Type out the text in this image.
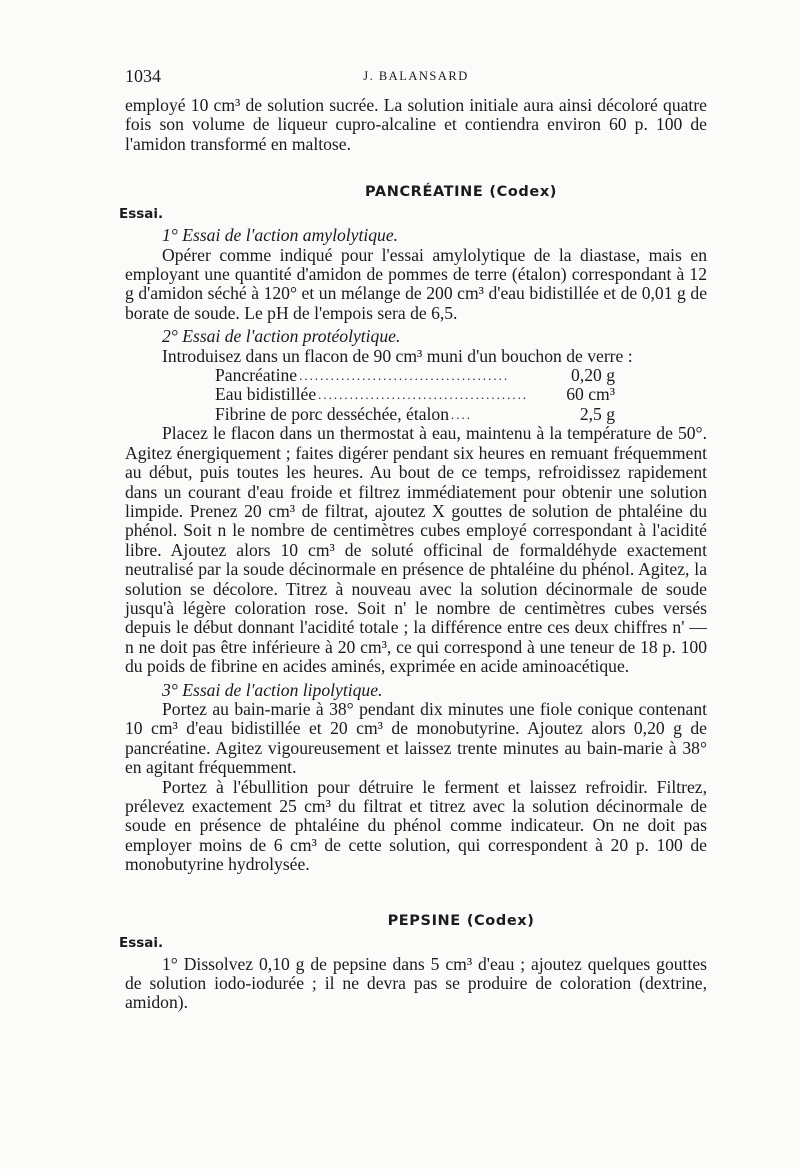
1034	J. BALANSARD

employé 10 cm³ de solution sucrée. La solution initiale aura ainsi décoloré quatre fois son volume de liqueur cupro-alcaline et contiendra environ 60 p. 100 de l'amidon transformé en maltose.

PANCRÉATINE (Codex)
Essai.

1° Essai de l'action amylolytique.

Opérer comme indiqué pour l'essai amylolytique de la diastase, mais en employant une quantité d'amidon de pommes de terre (étalon) correspondant à 12 g d'amidon séché à 120° et un mélange de 200 cm³ d'eau bidistillée et de 0,01 g de borate de soude. Le pH de l'empois sera de 6,5.

2° Essai de l'action protéolytique.

Introduisez dans un flacon de 90 cm³ muni d'un bouchon de verre :

Pancréatine ........................................	0,20 g
Eau bidistillée ........................................	60 cm³
Fibrine de porc desséchée, étalon ....	2,5 g

Placez le flacon dans un thermostat à eau, maintenu à la température de 50°. Agitez énergiquement ; faites digérer pendant six heures en remuant fréquemment au début, puis toutes les heures. Au bout de ce temps, refroidissez rapidement dans un courant d'eau froide et filtrez immédiatement pour obtenir une solution limpide. Prenez 20 cm³ de filtrat, ajoutez X gouttes de solution de phtaléine du phénol. Soit n le nombre de centimètres cubes employé correspondant à l'acidité libre. Ajoutez alors 10 cm³ de soluté officinal de formaldéhyde exactement neutralisé par la soude décinormale en présence de phtaléine du phénol. Agitez, la solution se décolore. Titrez à nouveau avec la solution décinormale de soude jusqu'à légère coloration rose. Soit n' le nombre de centimètres cubes versés depuis le début donnant l'acidité totale ; la différence entre ces deux chiffres n' — n ne doit pas être inférieure à 20 cm³, ce qui correspond à une teneur de 18 p. 100 du poids de fibrine en acides aminés, exprimée en acide aminoacétique.

3° Essai de l'action lipolytique.

Portez au bain-marie à 38° pendant dix minutes une fiole conique contenant 10 cm³ d'eau bidistillée et 20 cm³ de monobutyrine. Ajoutez alors 0,20 g de pancréatine. Agitez vigoureusement et laissez trente minutes au bain-marie à 38° en agitant fréquemment.

Portez à l'ébullition pour détruire le ferment et laissez refroidir. Filtrez, prélevez exactement 25 cm³ du filtrat et titrez avec la solution décinormale de soude en présence de phtaléine du phénol comme indicateur. On ne doit pas employer moins de 6 cm³ de cette solution, qui correspondent à 20 p. 100 de monobutyrine hydrolysée.

PEPSINE (Codex)
Essai.

1° Dissolvez 0,10 g de pepsine dans 5 cm³ d'eau ; ajoutez quelques gouttes de solution iodo-iodurée ; il ne devra pas se produire de coloration (dextrine, amidon).
